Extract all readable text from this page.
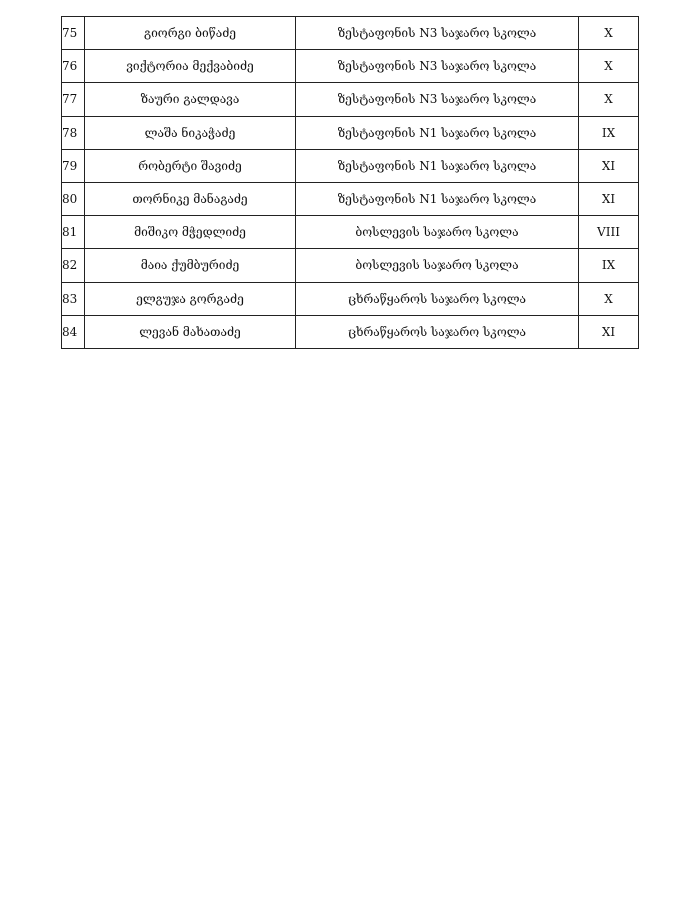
75	გიორგი ბიწაძე	ზესტაფონის N3 საჯარო სკოლა	X
76	ვიქტორია მექვაბიძე	ზესტაფონის N3 საჯარო სკოლა	X
77	ზაური გალდავა	ზესტაფონის N3 საჯარო სკოლა	X
78	ლაშა ნიკაჭაძე	ზესტაფონის N1 საჯარო სკოლა	IX
79	რობერტი შავიძე	ზესტაფონის N1 საჯარო სკოლა	XI
80	თორნიკე მანაგაძე	ზესტაფონის N1 საჯარო სკოლა	XI
81	მიშიკო მჭედლიძე	ბოსლევის საჯარო სკოლა	VIII
82	მაია ქუმბურიძე	ბოსლევის საჯარო სკოლა	IX
83	ელგუჯა გორგაძე	ცხრაწყაროს საჯარო სკოლა	X
84	ლევან მახათაძე	ცხრაწყაროს საჯარო სკოლა	XI
